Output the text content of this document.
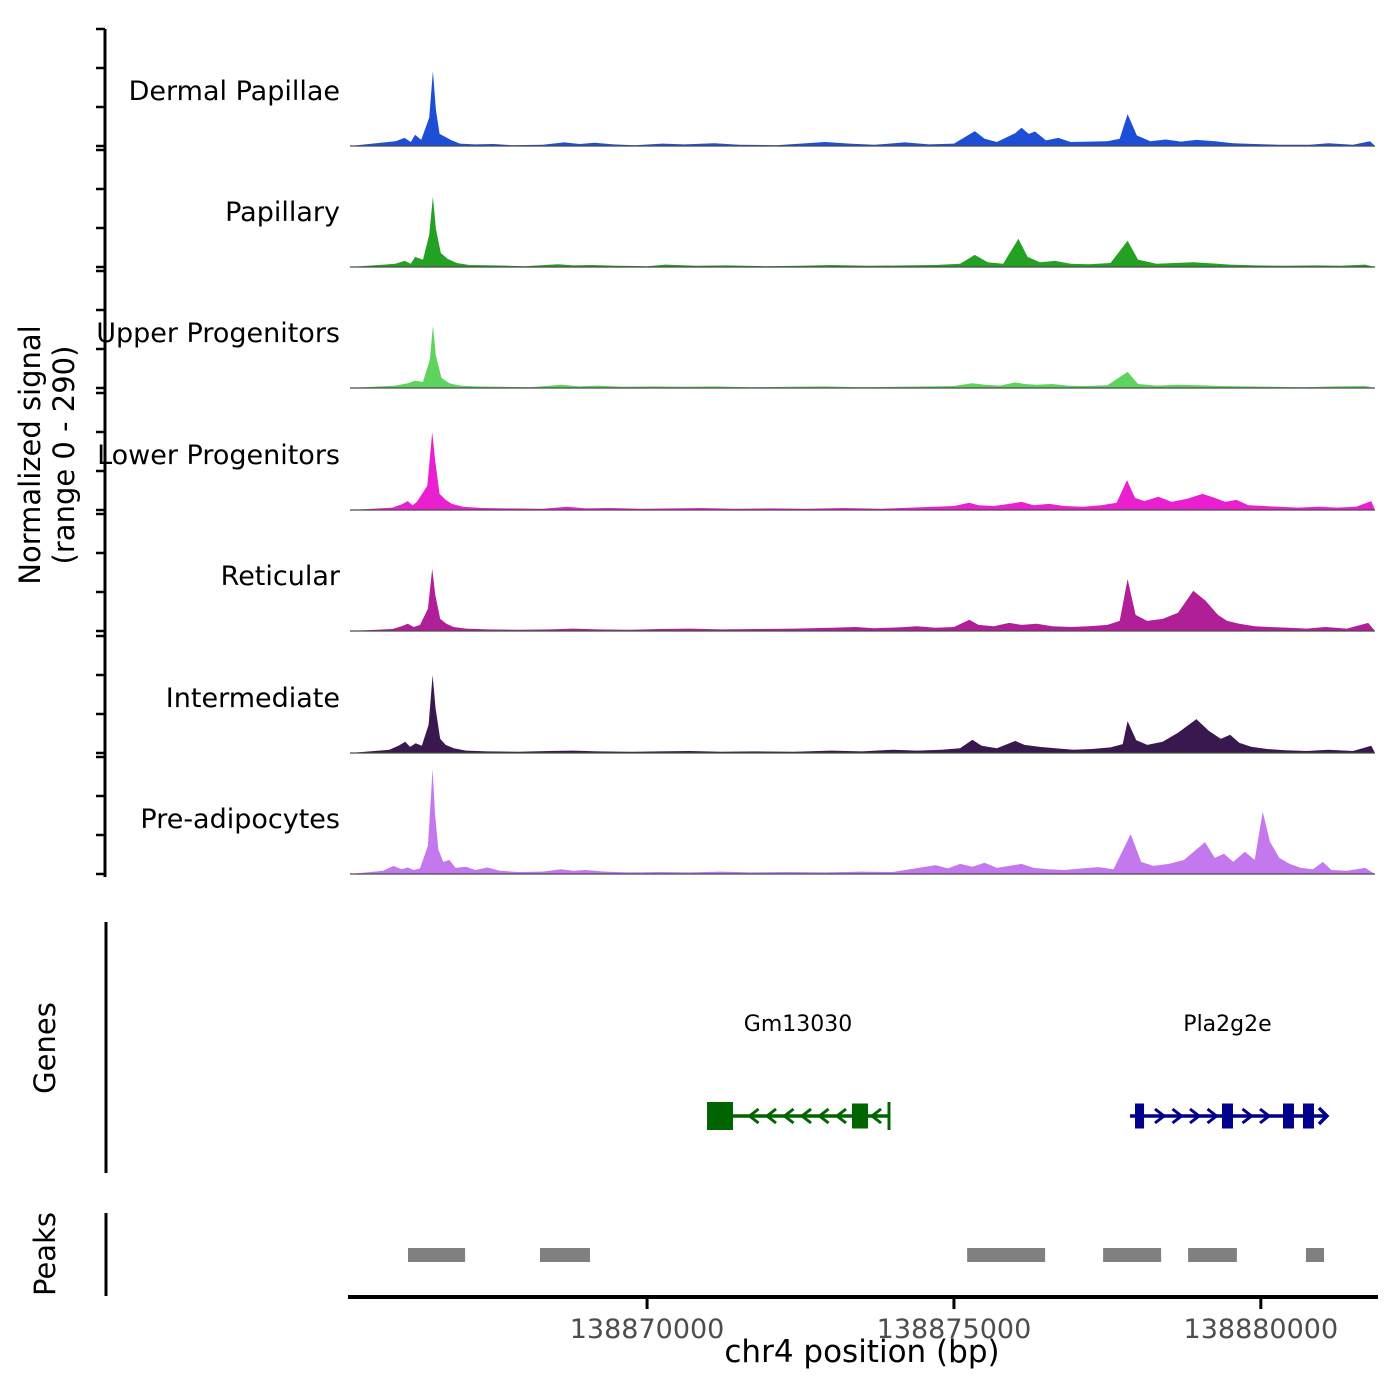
Normalized signal (range 0 - 290)
Dermal Papillae
Papillary
Upper Progenitors
Lower Progenitors
Reticular
Intermediate
Pre-adipocytes
Genes	Gm13030	Pla2g2e
Peaks
138870000	138875000	138880000
chr4 position (bp)
